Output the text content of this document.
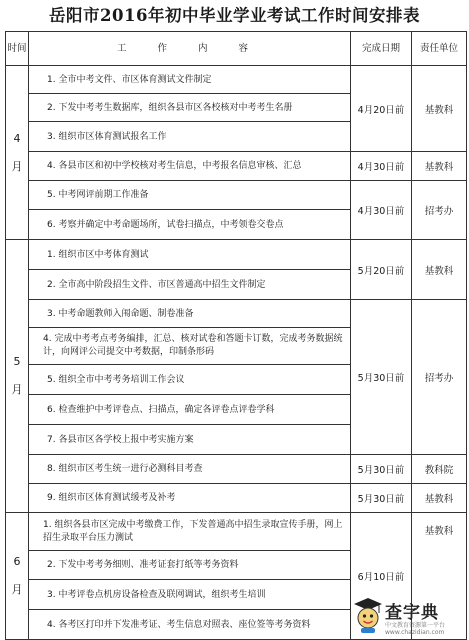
岳阳市2016年初中毕业学业考试工作时间安排表
时间	工 作 内 容	完成日期	责任单位
4

月	1. 全市中考文件、市区体育测试文件制定	4月20日前	基教科
	2. 下发中考考生数据库，组织各县市区各校核对中考考生名册		
	3. 组织市区体育测试报名工作		
	4. 各县市区和初中学校核对考生信息，中考报名信息审核、汇总	4月30日前	基教科
	5. 中考网评前期工作准备	4月30日前	招考办
	6. 考察并确定中考命题场所，试卷扫描点，中考领卷交卷点		
5

月	1. 组织市区中考体育测试	5月20日前	基教科
	2. 全市高中阶段招生文件、市区普通高中招生文件制定		
	3. 中考命题教师入闱命题、制卷准备	5月30日前	招考办
	4. 完成中考考点考务编排，汇总、核对试卷和答题卡订数，完成考务数据统计，向网评公司提交中考数据，印制条形码		
	5. 组织全市中考考务培训工作会议		
	6. 检查维护中考评卷点、扫描点，确定各评卷点评卷学科		
	7. 各县市区各学校上报中考实施方案		
	8. 组织市区考生统一进行必测科目考查	5月30日前	教科院
	9. 组织市区体育测试缓考及补考	5月30日前	基教科
6

月	1. 组织各县市区完成中考缴费工作，下发普通高中招生录取宣传手册，网上招生录取平台压力测试	6月10日前	基教科
	2. 下发中考考务细则、准考证套打纸等考务资料		
	3. 中考评卷点机房设备检查及联网调试，组织考生培训		
	4. 各考区打印并下发准考证、考生信息对照表、座位签等考务资料		
查字典
中文教育资源第一平台 www.chazidian.com
